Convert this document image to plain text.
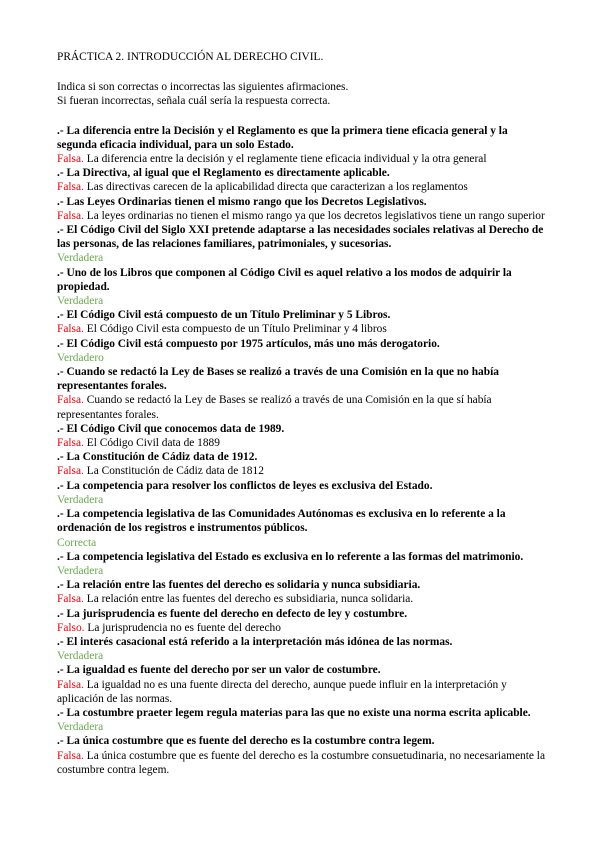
PRÁCTICA 2. INTRODUCCIÓN AL DERECHO CIVIL.
Indica si son correctas o incorrectas las siguientes afirmaciones.
Si fueran incorrectas, señala cuál sería la respuesta correcta.
.- La diferencia entre la Decisión y el Reglamento es que la primera tiene eficacia general y la segunda eficacia individual, para un solo Estado.
Falsa. La diferencia entre la decisión y el reglamente tiene eficacia individual y la otra general
.- La Directiva, al igual que el Reglamento es directamente aplicable.
Falsa. Las directivas carecen de la aplicabilidad directa que caracterizan a los reglamentos
.- Las Leyes Ordinarias tienen el mismo rango que los Decretos Legislativos.
Falsa. La leyes ordinarias no tienen el mismo rango ya que los decretos legislativos tiene un rango superior
.- El Código Civil del Siglo XXI pretende adaptarse a las necesidades sociales relativas al Derecho de las personas, de las relaciones familiares, patrimoniales, y sucesorias.
Verdadera
.- Uno de los Libros que componen al Código Civil es aquel relativo a los modos de adquirir la propiedad.
Verdadera
.- El Código Civil está compuesto de un Título Preliminar y 5 Libros.
Falsa. El Código Civil esta compuesto de un Título Preliminar y 4 libros
.- El Código Civil está compuesto por 1975 artículos, más uno más derogatorio.
Verdadero
.- Cuando se redactó la Ley de Bases se realizó a través de una Comisión en la que no había representantes forales.
Falsa. Cuando se redactó la Ley de Bases se realizó a través de una Comisión en la que sí había representantes forales.
.- El Código Civil que conocemos data de 1989.
Falsa. El Código Civil data de 1889
.- La Constitución de Cádiz data de 1912.
Falsa. La Constitución de Cádiz data de 1812
.- La competencia para resolver los conflictos de leyes es exclusiva del Estado.
Verdadera
.- La competencia legislativa de las Comunidades Autónomas es exclusiva en lo referente a la ordenación de los registros e instrumentos públicos.
Correcta
.- La competencia legislativa del Estado es exclusiva en lo referente a las formas del matrimonio.
Verdadera
.- La relación entre las fuentes del derecho es solidaria y nunca subsidiaria.
Falsa. La relación entre las fuentes del derecho es subsidiaria, nunca solidaria.
.- La jurisprudencia es fuente del derecho en defecto de ley y costumbre.
Falso. La jurisprudencia no es fuente del derecho
.- El interés casacional está referido a la interpretación más idónea de las normas.
Verdadera
.- La igualdad es fuente del derecho por ser un valor de costumbre.
Falsa. La igualdad no es una fuente directa del derecho, aunque puede influir en la interpretación y aplicación de las normas.
.- La costumbre praeter legem regula materias para las que no existe una norma escrita aplicable.
Verdadera
.- La única costumbre que es fuente del derecho es la costumbre contra legem.
Falsa. La única costumbre que es fuente del derecho es la costumbre consuetudinaria, no necesariamente la costumbre contra legem.
